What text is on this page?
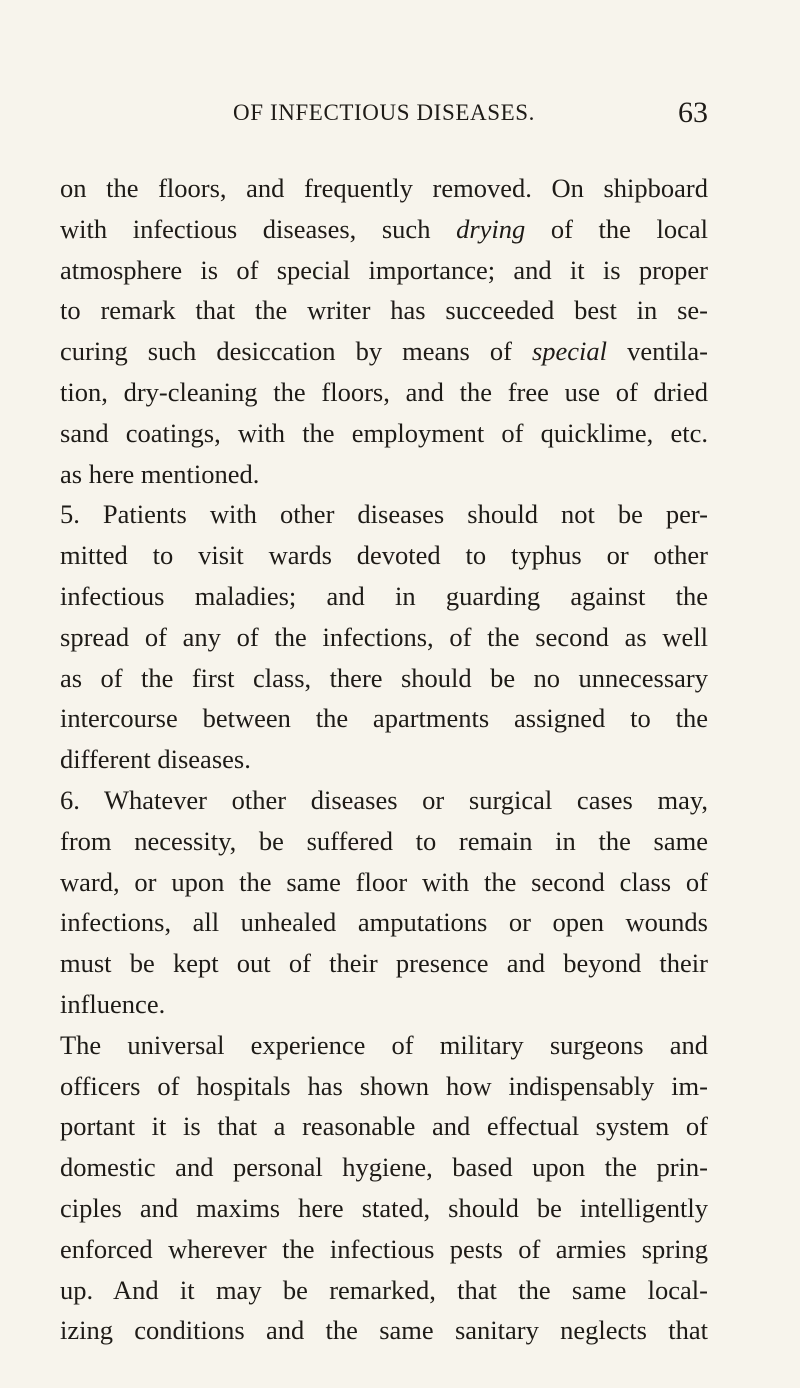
OF INFECTIOUS DISEASES.	63
on the floors, and frequently removed. On shipboard
with infectious diseases, such drying of the local
atmosphere is of special importance; and it is proper
to remark that the writer has succeeded best in se-
curing such desiccation by means of special ventila-
tion, dry-cleaning the floors, and the free use of dried
sand coatings, with the employment of quicklime, etc.
as here mentioned.
5. Patients with other diseases should not be per-
mitted to visit wards devoted to typhus or other
infectious maladies; and in guarding against the
spread of any of the infections, of the second as well
as of the first class, there should be no unnecessary
intercourse between the apartments assigned to the
different diseases.
6. Whatever other diseases or surgical cases may,
from necessity, be suffered to remain in the same
ward, or upon the same floor with the second class of
infections, all unhealed amputations or open wounds
must be kept out of their presence and beyond their
influence.
The universal experience of military surgeons and
officers of hospitals has shown how indispensably im-
portant it is that a reasonable and effectual system of
domestic and personal hygiene, based upon the prin-
ciples and maxims here stated, should be intelligently
enforced wherever the infectious pests of armies spring
up. And it may be remarked, that the same local-
izing conditions and the same sanitary neglects that
